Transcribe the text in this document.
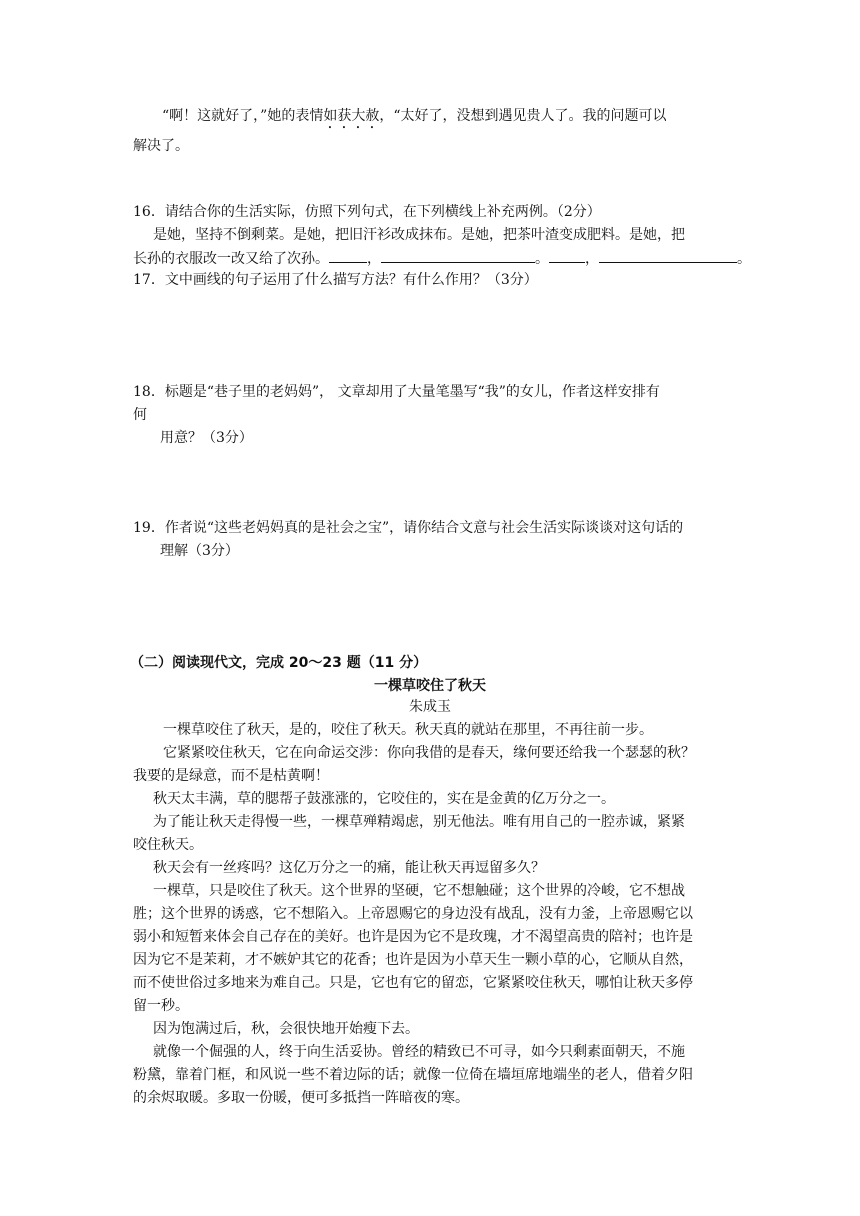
“啊！这就好了，”她的表情如获大赦，“太好了，没想到遇见贵人了。我的问题可以
解决了。
16．请结合你的生活实际，仿照下列句式，在下列横线上补充两例。（2分）
是她，坚持不倒剩菜。是她，把旧汗衫改成抹布。是她，把茶叶渣变成肥料。是她，把
长孙的衣服改一改又给了次孙。	，	。	，	。
17．文中画线的句子运用了什么描写方法？有什么作用？（3分）
18．标题是“巷子里的老妈妈”， 文章却用了大量笔墨写“我”的女儿，作者这样安排有
何
用意？（3分）
19．作者说“这些老妈妈真的是社会之宝”，请你结合文意与社会生活实际谈谈对这句话的
理解（3分）
（二）阅读现代文，完成 20～23 题（11 分）
一棵草咬住了秋天
朱成玉
一棵草咬住了秋天，是的，咬住了秋天。秋天真的就站在那里，不再往前一步。
它紧紧咬住秋天，它在向命运交涉：你向我借的是春天，缘何要还给我一个瑟瑟的秋？
我要的是绿意，而不是枯黄啊！
秋天太丰满，草的腮帮子鼓涨涨的，它咬住的，实在是金黄的亿万分之一。
为了能让秋天走得慢一些，一棵草殚精竭虑，别无他法。唯有用自己的一腔赤诚，紧紧
咬住秋天。
秋天会有一丝疼吗？这亿万分之一的痛，能让秋天再逗留多久？
一棵草，只是咬住了秋天。这个世界的坚硬，它不想触碰；这个世界的冷峻，它不想战
胜；这个世界的诱惑，它不想陷入。上帝恩赐它的身边没有战乱，没有力釜，上帝恩赐它以
弱小和短暂来体会自己存在的美好。也许是因为它不是玫瑰，才不渴望高贵的陪衬；也许是
因为它不是茉莉，才不嫉妒其它的花香；也许是因为小草天生一颗小草的心，它顺从自然，
而不使世俗过多地来为难自己。只是，它也有它的留恋，它紧紧咬住秋天，哪怕让秋天多停
留一秒。
因为饱满过后，秋，会很快地开始瘦下去。
就像一个倔强的人，终于向生活妥协。曾经的精致已不可寻，如今只剩素面朝天，不施
粉黛，靠着门框，和风说一些不着边际的话；就像一位倚在墙垣席地端坐的老人，借着夕阳
的余烬取暖。多取一份暖，便可多抵挡一阵暗夜的寒。
